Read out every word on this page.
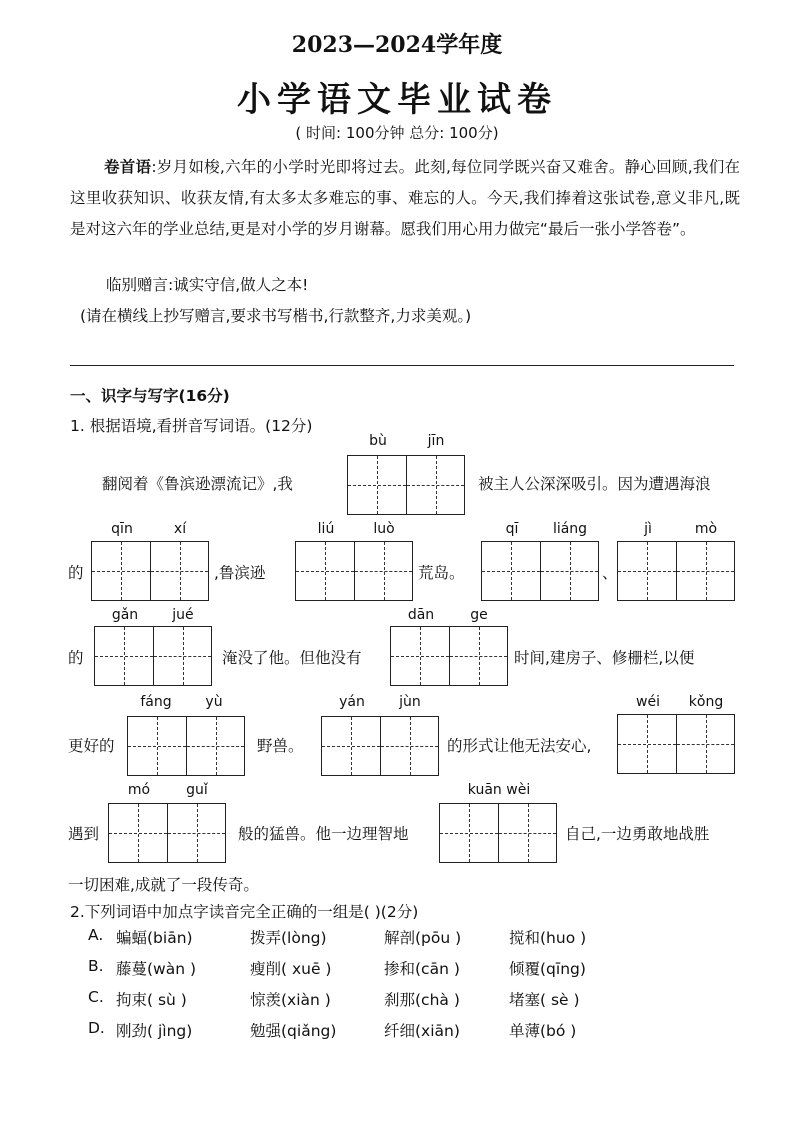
2023—2024学年度
小学语文毕业试卷
( 时间: 100分钟 总分: 100分)
卷首语:岁月如梭,六年的小学时光即将过去。此刻,每位同学既兴奋又难舍。静心回顾,我们在这里收获知识、收获友情,有太多太多难忘的事、难忘的人。今天,我们捧着这张试卷,意义非凡,既是对这六年的学业总结,更是对小学的岁月谢幕。愿我们用心用力做完“最后一张小学答卷”。
临别赠言:诚实守信,做人之本!
(请在横线上抄写赠言,要求书写楷书,行款整齐,力求美观。)
一、识字与写字(16分)
1. 根据语境,看拼音写词语。(12分)
bù	jīn
翻阅着《鲁滨逊漂流记》,我	被主人公深深吸引。因为遭遇海浪
qīn	xí	liú	luò	qī	liáng	jì	mò
的	,鲁滨逊	荒岛。	、
gǎn	jué	dān	ge
的	淹没了他。但他没有	时间,建房子、修栅栏,以便
fáng	yù	yán	jùn	wéi	kǒng
更好的	野兽。	的形式让他无法安心,
mó	guǐ	kuān wèi
遇到	般的猛兽。他一边理智地	自己,一边勇敢地战胜
一切困难,成就了一段传奇。
2.下列词语中加点字读音完全正确的一组是( )(2分)
A. 蝙蝠(biān)	拨弄(lòng)	解剖(pōu )	搅和(huo )
B. 藤蔓(wàn )	瘦削( xuē )	掺和(cān )	倾覆(qīng)
C. 拘束( sù )	惊羡(xiàn )	刹那(chà )	堵塞( sè )
D. 刚劲( jìng)	勉强(qiǎng)	纤细(xiān)	单薄(bó )
